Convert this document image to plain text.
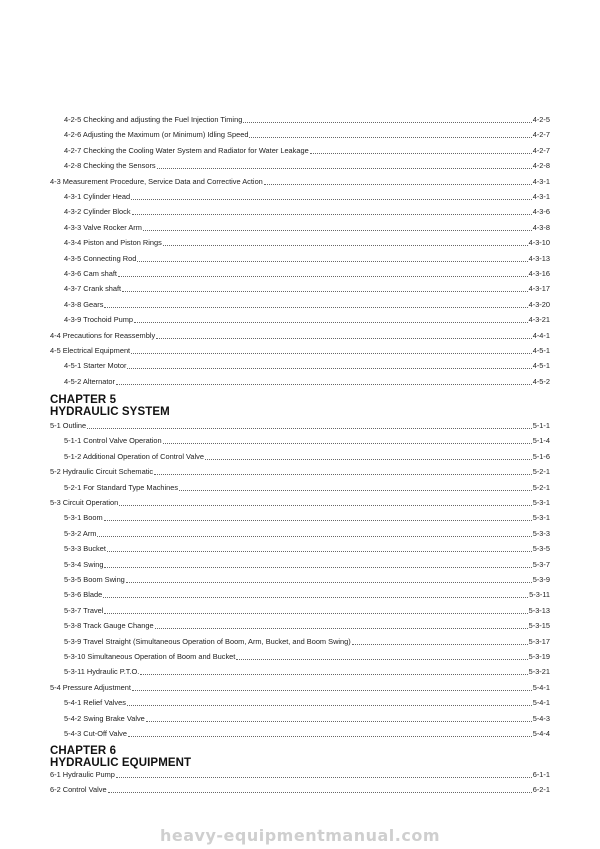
4-2-5 Checking and adjusting the Fuel Injection Timing	4-2-5
4-2-6 Adjusting the Maximum (or Minimum) Idling Speed	4-2-7
4-2-7 Checking the Cooling Water System and Radiator for Water Leakage	4-2-7
4-2-8 Checking the Sensors	4-2-8
4-3 Measurement Procedure, Service Data and Corrective Action	4-3-1
4-3-1 Cylinder Head	4-3-1
4-3-2 Cylinder Block	4-3-6
4-3-3 Valve Rocker Arm	4-3-8
4-3-4 Piston and Piston Rings	4-3-10
4-3-5 Connecting Rod	4-3-13
4-3-6 Cam shaft	4-3-16
4-3-7 Crank shaft	4-3-17
4-3-8 Gears	4-3-20
4-3-9 Trochoid Pump	4-3-21
4-4 Precautions for Reassembly	4-4-1
4-5 Electrical Equipment	4-5-1
4-5-1 Starter Motor	4-5-1
4-5-2 Alternator	4-5-2
CHAPTER 5
HYDRAULIC SYSTEM
5-1 Outline	5-1-1
5-1-1 Control Valve Operation	5-1-4
5-1-2 Additional Operation of Control Valve	5-1-6
5-2 Hydraulic Circuit Schematic	5-2-1
5-2-1 For Standard Type Machines	5-2-1
5-3 Circuit Operation	5-3-1
5-3-1 Boom	5-3-1
5-3-2 Arm	5-3-3
5-3-3 Bucket	5-3-5
5-3-4 Swing	5-3-7
5-3-5 Boom Swing	5-3-9
5-3-6 Blade	5-3-11
5-3-7 Travel	5-3-13
5-3-8 Track Gauge Change	5-3-15
5-3-9 Travel Straight (Simultaneous Operation of Boom, Arm, Bucket, and Boom Swing)	5-3-17
5-3-10 Simultaneous Operation of Boom and Bucket	5-3-19
5-3-11 Hydraulic P.T.O.	5-3-21
5-4 Pressure Adjustment	5-4-1
5-4-1 Relief Valves	5-4-1
5-4-2 Swing Brake Valve	5-4-3
5-4-3 Cut-Off Valve	5-4-4
CHAPTER 6
HYDRAULIC EQUIPMENT
6-1 Hydraulic Pump	6-1-1
6-2 Control Valve	6-2-1
heavy-equipmentmanual.com
